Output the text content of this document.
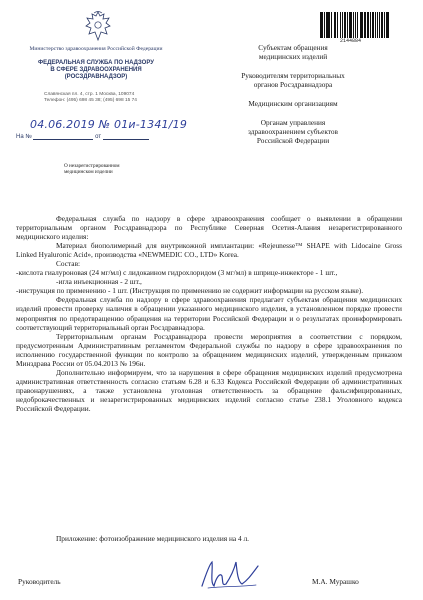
Министерство здравоохранения Российской Федерации
ФЕДЕРАЛЬНАЯ СЛУЖБА ПО НАДЗОРУ
В СФЕРЕ ЗДРАВООХРАНЕНИЯ
(РОСЗДРАВНАДЗОР)
Славянская пл. 4, стр. 1 Москва, 109074
Телефон: (495) 698 45 38; (495) 698 15 74
04.06.2019 № 01и-1341/19
На №	от
О незарегистрированном
медицинском изделии
2144884

Субъектам обращения медицинских изделий

Руководителям территориальных органов Росздравнадзора

Медицинским организациям

Органам управления здравоохранением субъектов Российской Федерации

Федеральная служба по надзору в сфере здравоохранения сообщает о выявлении в обращении территориальным органом Росздравнадзора по Республике Северная Осетия-Алания незарегистрированного медицинского изделия:

Материал биополимерный для внутрикожной имплантации: «Rejeunesse™ SHAPE with Lidocaine Gross Linked Hyaluronic Acid», производства «NEWMEDIC CO., LTD» Korea.

Состав:

-кислота гиалуроновая (24 мг/мл) с лидокаином гидрохлоридом (3 мг/мл) в шприце-инжекторе - 1 шт.,

-игла инъекционная - 2 шт.,

-инструкция по применению - 1 шт. (Инструкция по применению не содержит информации на русском языке).

Федеральная служба по надзору в сфере здравоохранения предлагает субъектам обращения медицинских изделий провести проверку наличия в обращении указанного медицинского изделия, в установленном порядке провести мероприятия по предотвращению обращения на территории Российской Федерации и о результатах проинформировать соответствующий территориальный орган Росздравнадзора.

Территориальным органам Росздравнадзора провести мероприятия в соответствии с порядком, предусмотренным Административным регламентом Федеральной службы по надзору в сфере здравоохранения по исполнению государственной функции по контролю за обращением медицинских изделий, утвержденным приказом Минздрава России от 05.04.2013 № 196н.

Дополнительно информируем, что за нарушения в сфере обращения медицинских изделий предусмотрена административная ответственность согласно статьям 6.28 и 6.33 Кодекса Российской Федерации об административных правонарушениях, а также установлена уголовная ответственность за обращение фальсифицированных, недоброкачественных и незарегистрированных медицинских изделий согласно статье 238.1 Уголовного кодекса Российской Федерации.

Приложение: фотоизображение медицинского изделия на 4 л.
Руководитель	М.А. Мурашко
